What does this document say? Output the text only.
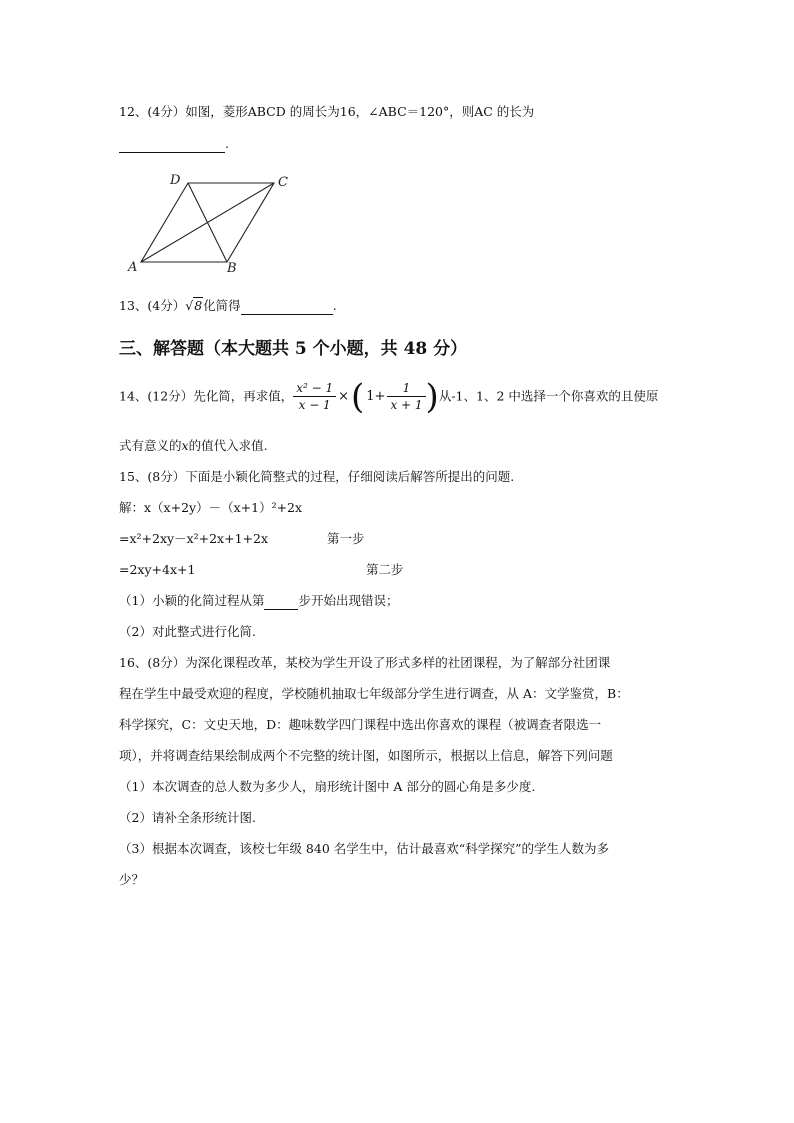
12、(4分）如图，菱形ABCD 的周长为16，∠ABC＝120°，则AC 的长为
.
D	C
A	B
13、(4分）√8化简得	.
三、解答题（本大题共 5 个小题，共 48 分）
14、(12分）先化简，再求值， $\frac{\text{x² − 1}}{x - 1}$ ×( $1+ \frac{1}{x + 1}$ )从-1、1、2 中选择一个你喜欢的且使原
式有意义的x的值代入求值.
15、(8分）下面是小颖化简整式的过程，仔细阅读后解答所提出的问题.
解：x（x+2y）－（x+1）²+2x
=x²+2xy－x²+2x+1+2x	第一步
=2xy+4x+1	第二步
（1）小颖的化简过程从第	步开始出现错误；
（2）对此整式进行化简.
16、(8分）为深化课程改革，某校为学生开设了形式多样的社团课程，为了解部分社团课
程在学生中最受欢迎的程度，学校随机抽取七年级部分学生进行调查，从 A：文学鉴赏，B：
科学探究，C：文史天地，D：趣味数学四门课程中选出你喜欢的课程（被调查者限选一
项），并将调查结果绘制成两个不完整的统计图，如图所示，根据以上信息，解答下列问题
（1）本次调查的总人数为多少人，扇形统计图中 A 部分的圆心角是多少度.
（2）请补全条形统计图.
（3）根据本次调查，该校七年级 840 名学生中，估计最喜欢“科学探究”的学生人数为多
少？
